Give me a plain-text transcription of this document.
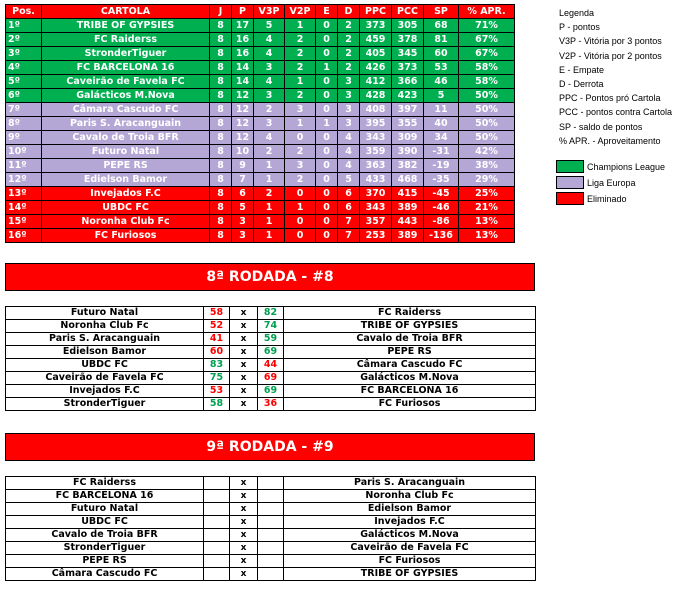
Pos.	CARTOLA	J	P	V3P	V2P	E	D	PPC	PCC	SP	% APR.
1º	TRIBE OF GYPSIES	8	17	5	1	0	2	373	305	68	71%
2º	FC Raiderss	8	16	4	2	0	2	459	378	81	67%
3º	StronderTiguer	8	16	4	2	0	2	405	345	60	67%
4º	FC BARCELONA 16	8	14	3	2	1	2	426	373	53	58%
5º	Caveirão de Favela FC	8	14	4	1	0	3	412	366	46	58%
6º	Galácticos M.Nova	8	12	3	2	0	3	428	423	5	50%
7º	Câmara Cascudo FC	8	12	2	3	0	3	408	397	11	50%
8º	Paris S. Aracanguain	8	12	3	1	1	3	395	355	40	50%
9º	Cavalo de Troia BFR	8	12	4	0	0	4	343	309	34	50%
10º	Futuro Natal	8	10	2	2	0	4	359	390	-31	42%
11º	PEPE RS	8	9	1	3	0	4	363	382	-19	38%
12º	Edielson Bamor	8	7	1	2	0	5	433	468	-35	29%
13º	Invejados F.C	8	6	2	0	0	6	370	415	-45	25%
14º	UBDC FC	8	5	1	1	0	6	343	389	-46	21%
15º	Noronha Club Fc	8	3	1	0	0	7	357	443	-86	13%
16º	FC Furiosos	8	3	1	0	0	7	253	389	-136	13%
Legenda
P - pontos
V3P - Vitória por 3 pontos
V2P - Vitória por 2 pontos
E - Empate
D - Derrota
PPC - Pontos pró Cartola
PCC - pontos contra Cartola
SP - saldo de pontos
% APR. - Aproveitamento
Champions League
Liga Europa
Eliminado
8ª RODADA - #8
Futuro Natal	58	x	82	FC Raiderss
Noronha Club Fc	52	x	74	TRIBE OF GYPSIES
Paris S. Aracanguain	41	x	59	Cavalo de Troia BFR
Edielson Bamor	60	x	69	PEPE RS
UBDC FC	83	x	44	Câmara Cascudo FC
Caveirão de Favela FC	75	x	69	Galácticos M.Nova
Invejados F.C	53	x	69	FC BARCELONA 16
StronderTiguer	58	x	36	FC Furiosos
9ª RODADA - #9
FC Raiderss		x		Paris S. Aracanguain
FC BARCELONA 16		x		Noronha Club Fc
Futuro Natal		x		Edielson Bamor
UBDC FC		x		Invejados F.C
Cavalo de Troia BFR		x		Galácticos M.Nova
StronderTiguer		x		Caveirão de Favela FC
PEPE RS		x		FC Furiosos
Câmara Cascudo FC		x		TRIBE OF GYPSIES
